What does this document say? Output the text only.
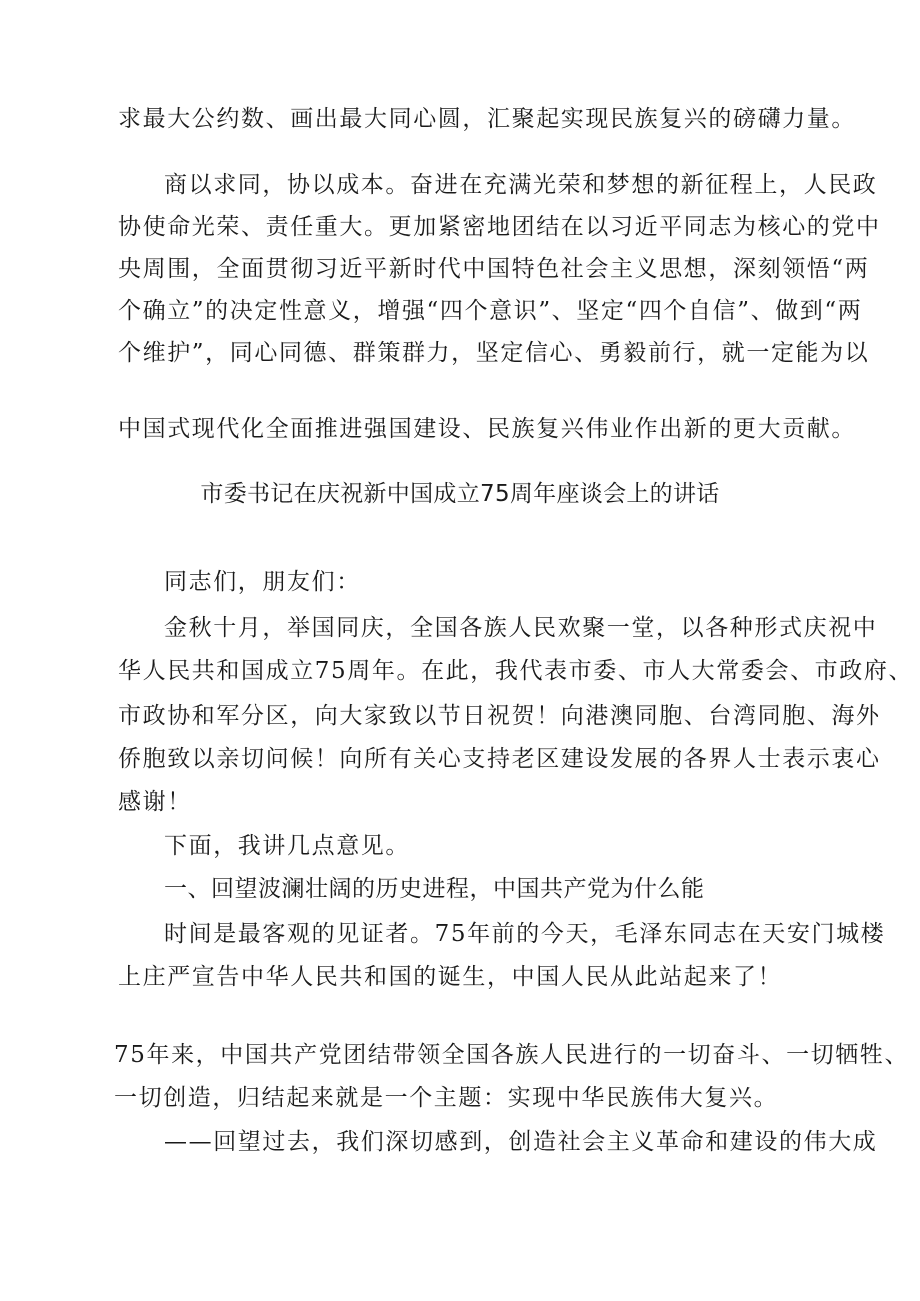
求最大公约数、画出最大同心圆，汇聚起实现民族复兴的磅礴力量。
商以求同，协以成本。奋进在充满光荣和梦想的新征程上，人民政
协使命光荣、责任重大。更加紧密地团结在以习近平同志为核心的党中
央周围，全面贯彻习近平新时代中国特色社会主义思想，深刻领悟“两
个确立”的决定性意义，增强“四个意识”、坚定“四个自信”、做到“两
个维护”，同心同德、群策群力，坚定信心、勇毅前行，就一定能为以
中国式现代化全面推进强国建设、民族复兴伟业作出新的更大贡献。
市委书记在庆祝新中国成立75周年座谈会上的讲话
同志们，朋友们：
金秋十月，举国同庆，全国各族人民欢聚一堂，以各种形式庆祝中
华人民共和国成立75周年。在此，我代表市委、市人大常委会、市政府、
市政协和军分区，向大家致以节日祝贺！向港澳同胞、台湾同胞、海外
侨胞致以亲切问候！向所有关心支持老区建设发展的各界人士表示衷心
感谢！
下面，我讲几点意见。
一、回望波澜壮阔的历史进程，中国共产党为什么能
时间是最客观的见证者。75年前的今天，毛泽东同志在天安门城楼
上庄严宣告中华人民共和国的诞生，中国人民从此站起来了！
75年来，中国共产党团结带领全国各族人民进行的一切奋斗、一切牺牲、
一切创造，归结起来就是一个主题：实现中华民族伟大复兴。
——回望过去，我们深切感到，创造社会主义革命和建设的伟大成
